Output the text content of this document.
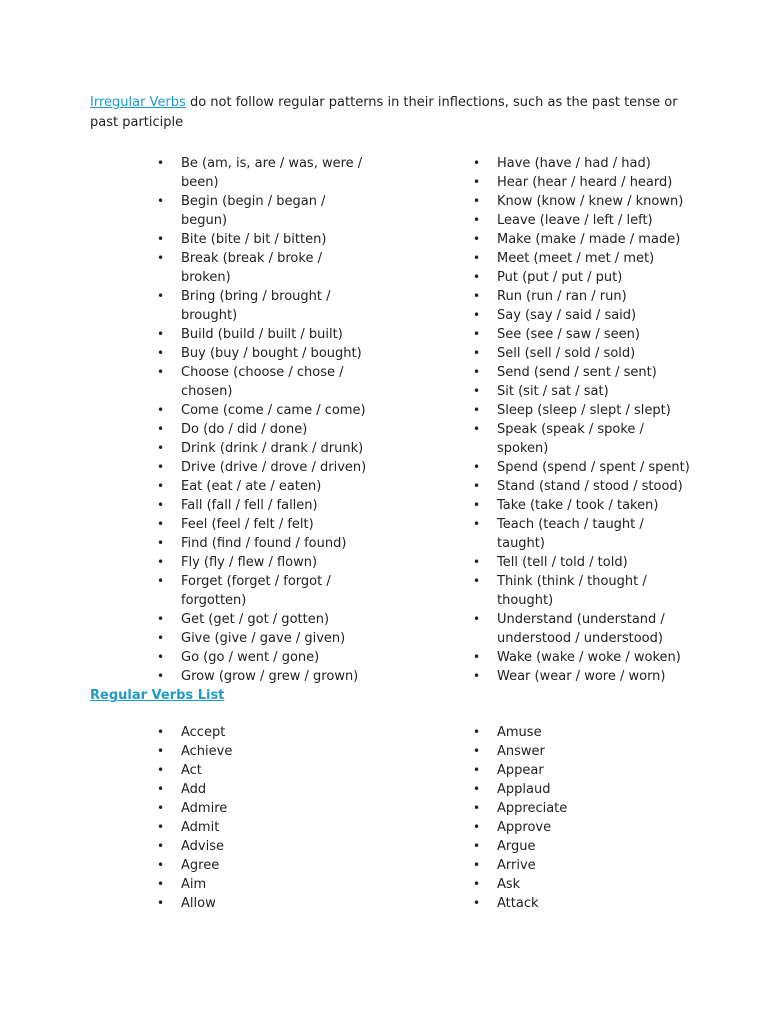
Irregular Verbs do not follow regular patterns in their inflections, such as the past tense or past participle
• Be (am, is, are / was, were /
been)
• Begin (begin / began /
begun)
• Bite (bite / bit / bitten)
• Break (break / broke /
broken)
• Bring (bring / brought /
brought)
• Build (build / built / built)
• Buy (buy / bought / bought)
• Choose (choose / chose /
chosen)
• Come (come / came / come)
• Do (do / did / done)
• Drink (drink / drank / drunk)
• Drive (drive / drove / driven)
• Eat (eat / ate / eaten)
• Fall (fall / fell / fallen)
• Feel (feel / felt / felt)
• Find (find / found / found)
• Fly (fly / flew / flown)
• Forget (forget / forgot /
forgotten)
• Get (get / got / gotten)
• Give (give / gave / given)
• Go (go / went / gone)
• Grow (grow / grew / grown)
• Have (have / had / had)
• Hear (hear / heard / heard)
• Know (know / knew / known)
• Leave (leave / left / left)
• Make (make / made / made)
• Meet (meet / met / met)
• Put (put / put / put)
• Run (run / ran / run)
• Say (say / said / said)
• See (see / saw / seen)
• Sell (sell / sold / sold)
• Send (send / sent / sent)
• Sit (sit / sat / sat)
• Sleep (sleep / slept / slept)
• Speak (speak / spoke /
spoken)
• Spend (spend / spent / spent)
• Stand (stand / stood / stood)
• Take (take / took / taken)
• Teach (teach / taught /
taught)
• Tell (tell / told / told)
• Think (think / thought /
thought)
• Understand (understand /
understood / understood)
• Wake (wake / woke / woken)
• Wear (wear / wore / worn)
Regular Verbs List
• Accept
• Achieve
• Act
• Add
• Admire
• Admit
• Advise
• Agree
• Aim
• Allow
• Amuse
• Answer
• Appear
• Applaud
• Appreciate
• Approve
• Argue
• Arrive
• Ask
• Attack
